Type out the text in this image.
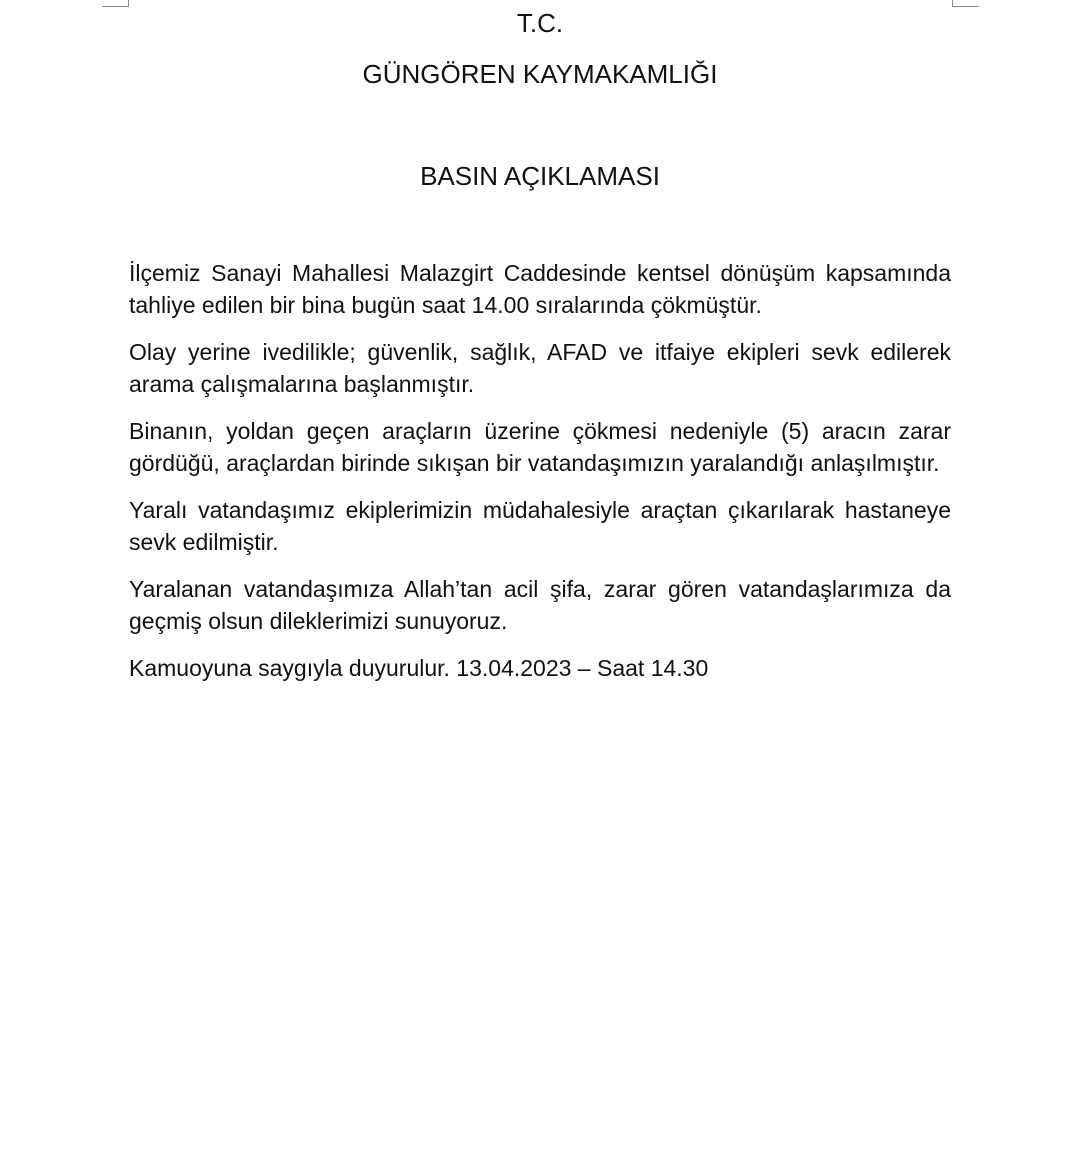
T.C.
GÜNGÖREN KAYMAKAMLIĞI
BASIN AÇIKLAMASI

İlçemiz Sanayi Mahallesi Malazgirt Caddesinde kentsel dönüşüm kapsamında tahliye edilen bir bina bugün saat 14.00 sıralarında çökmüştür.

Olay yerine ivedilikle; güvenlik, sağlık, AFAD ve itfaiye ekipleri sevk edilerek arama çalışmalarına başlanmıştır.

Binanın, yoldan geçen araçların üzerine çökmesi nedeniyle (5) aracın zarar gördüğü, araçlardan birinde sıkışan bir vatandaşımızın yaralandığı anlaşılmıştır.

Yaralı vatandaşımız ekiplerimizin müdahalesiyle araçtan çıkarılarak hastaneye sevk edilmiştir.

Yaralanan vatandaşımıza Allah’tan acil şifa, zarar gören vatandaşlarımıza da geçmiş olsun dileklerimizi sunuyoruz.

Kamuoyuna saygıyla duyurulur. 13.04.2023 – Saat 14.30
